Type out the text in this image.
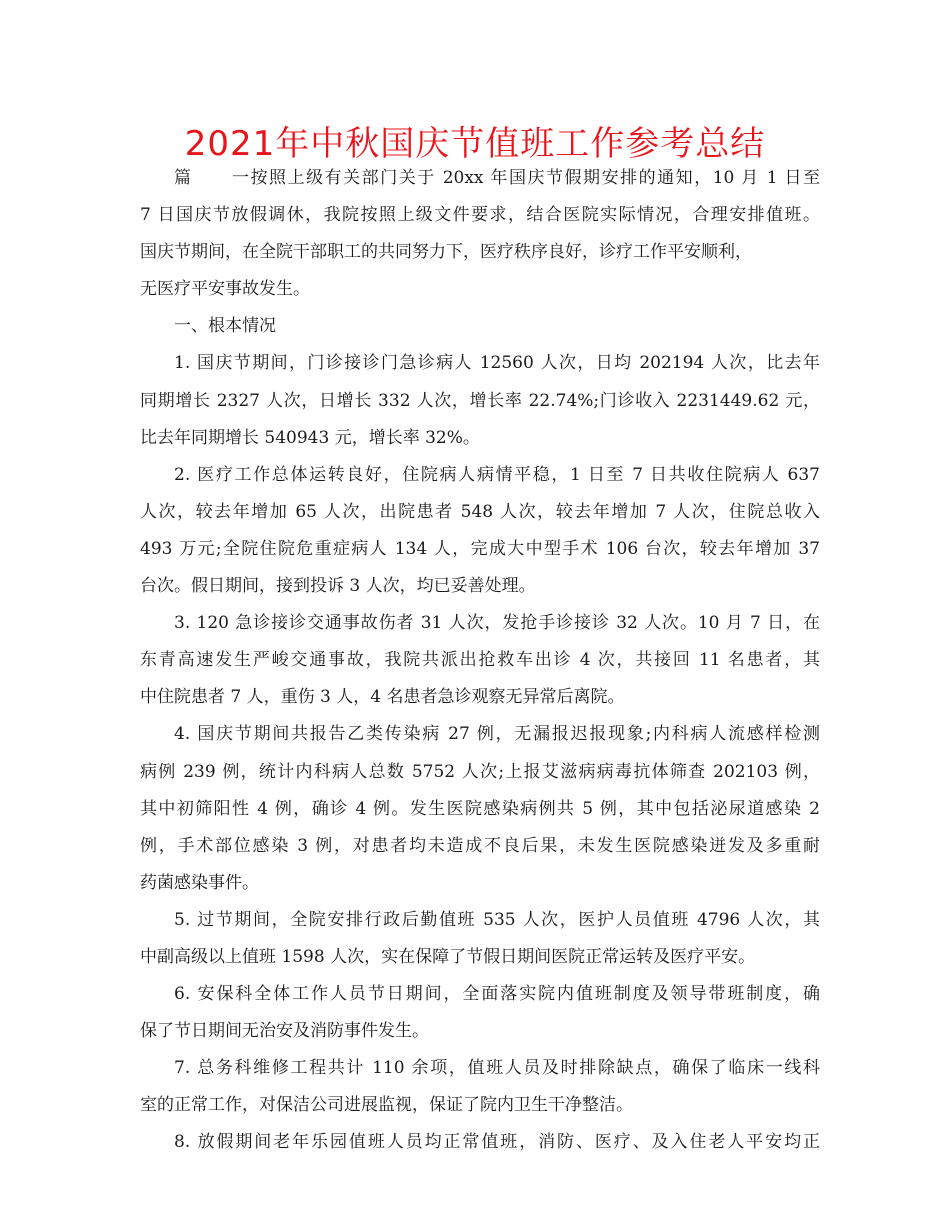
2021年中秋国庆节值班工作参考总结
篇一按照上级有关部门关于 20xx 年国庆节假期安排的通知，10 月 1 日至
7 日国庆节放假调休，我院按照上级文件要求，结合医院实际情况，合理安排值班。
国庆节期间，在全院干部职工的共同努力下，医疗秩序良好，诊疗工作平安顺利，
无医疗平安事故发生。
一、根本情况
1. 国庆节期间，门诊接诊门急诊病人 12560 人次，日均 202194 人次，比去年
同期增长 2327 人次，日增长 332 人次，增长率 22.74%;门诊收入 2231449.62 元，
比去年同期增长 540943 元，增长率 32%。
2. 医疗工作总体运转良好，住院病人病情平稳，1 日至 7 日共收住院病人 637
人次，较去年增加 65 人次，出院患者 548 人次，较去年增加 7 人次，住院总收入
493 万元;全院住院危重症病人 134 人，完成大中型手术 106 台次，较去年增加 37
台次。假日期间，接到投诉 3 人次，均已妥善处理。
3. 120 急诊接诊交通事故伤者 31 人次，发抢手诊接诊 32 人次。10 月 7 日，在
东青高速发生严峻交通事故，我院共派出抢救车出诊 4 次，共接回 11 名患者，其
中住院患者 7 人，重伤 3 人，4 名患者急诊观察无异常后离院。
4. 国庆节期间共报告乙类传染病 27 例，无漏报迟报现象;内科病人流感样检测
病例 239 例，统计内科病人总数 5752 人次;上报艾滋病病毒抗体筛查 202103 例，
其中初筛阳性 4 例，确诊 4 例。发生医院感染病例共 5 例，其中包括泌尿道感染 2
例，手术部位感染 3 例，对患者均未造成不良后果，未发生医院感染迸发及多重耐
药菌感染事件。
5. 过节期间，全院安排行政后勤值班 535 人次，医护人员值班 4796 人次，其
中副高级以上值班 1598 人次，实在保障了节假日期间医院正常运转及医疗平安。
6. 安保科全体工作人员节日期间，全面落实院内值班制度及领导带班制度，确
保了节日期间无治安及消防事件发生。
7. 总务科维修工程共计 110 余项，值班人员及时排除缺点，确保了临床一线科
室的正常工作，对保洁公司进展监视，保证了院内卫生干净整洁。
8. 放假期间老年乐园值班人员均正常值班，消防、医疗、及入住老人平安均正
